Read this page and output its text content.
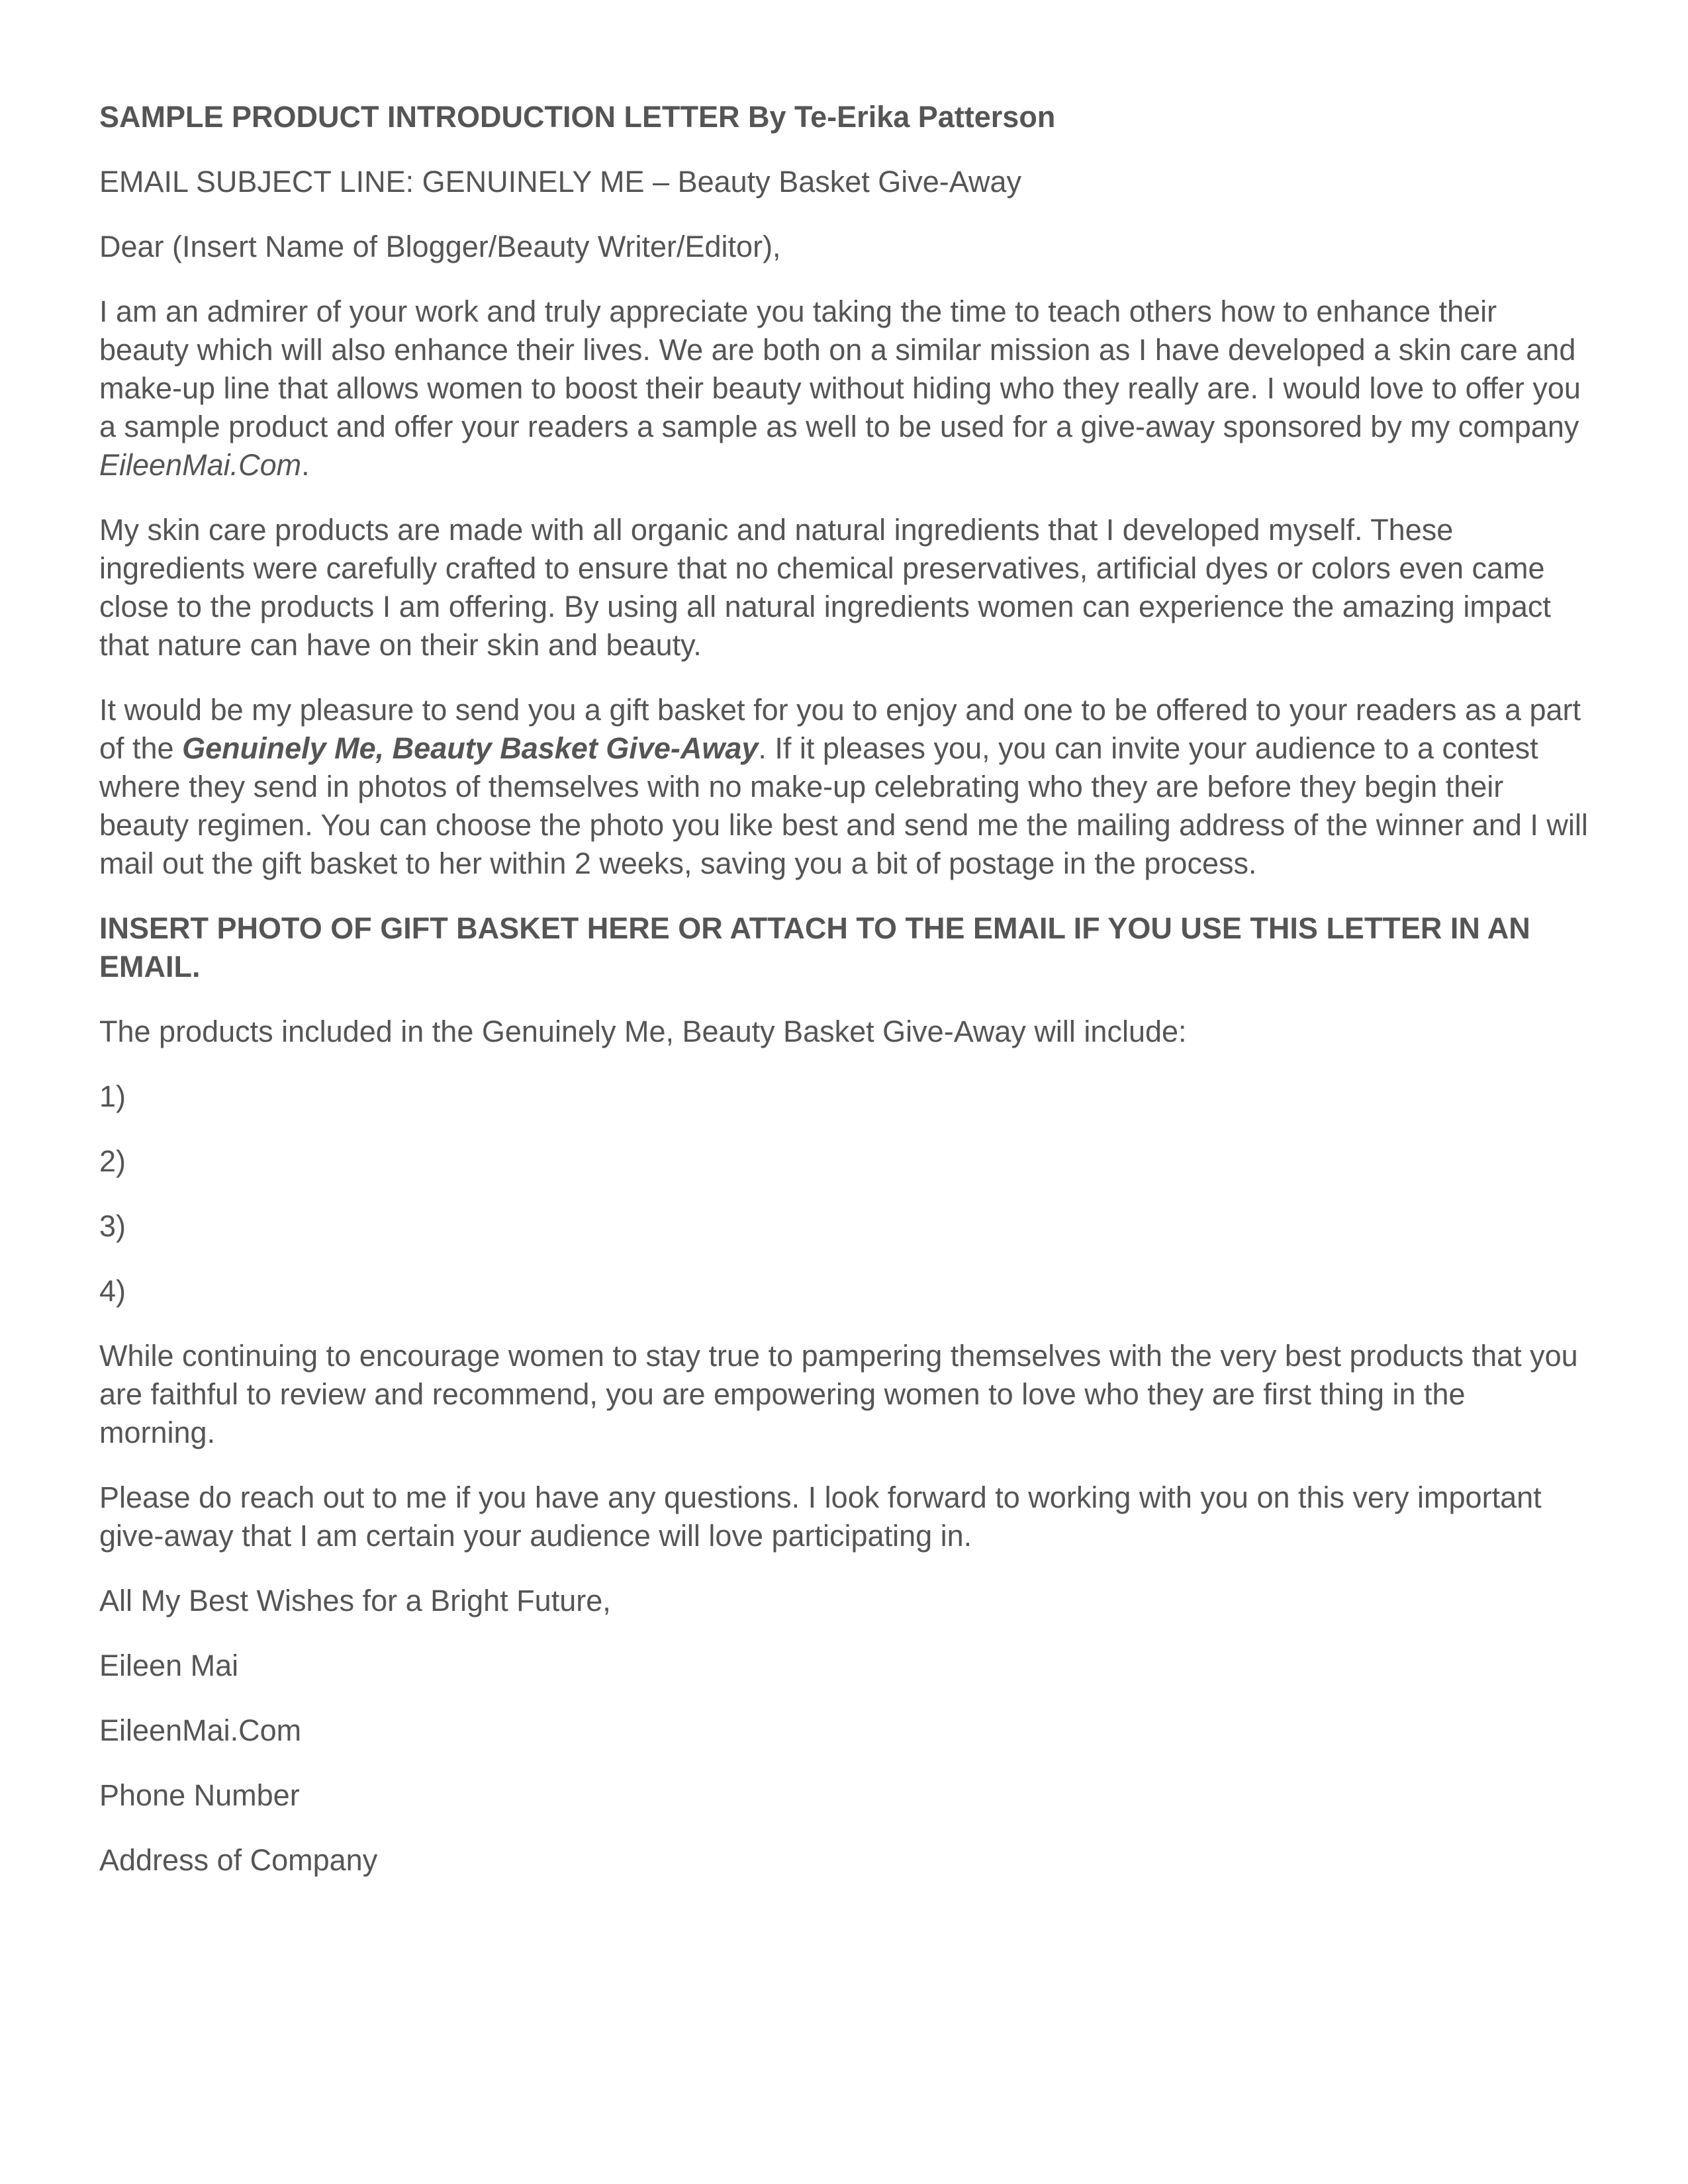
SAMPLE PRODUCT INTRODUCTION LETTER By Te-Erika Patterson

EMAIL SUBJECT LINE: GENUINELY ME – Beauty Basket Give-Away

Dear (Insert Name of Blogger/Beauty Writer/Editor),

I am an admirer of your work and truly appreciate you taking the time to teach others how to enhance their beauty which will also enhance their lives. We are both on a similar mission as I have developed a skin care and make-up line that allows women to boost their beauty without hiding who they really are. I would love to offer you a sample product and offer your readers a sample as well to be used for a give-away sponsored by my company EileenMai.Com.

My skin care products are made with all organic and natural ingredients that I developed myself. These ingredients were carefully crafted to ensure that no chemical preservatives, artificial dyes or colors even came close to the products I am offering. By using all natural ingredients women can experience the amazing impact that nature can have on their skin and beauty.

It would be my pleasure to send you a gift basket for you to enjoy and one to be offered to your readers as a part of the Genuinely Me, Beauty Basket Give-Away. If it pleases you, you can invite your audience to a contest where they send in photos of themselves with no make-up celebrating who they are before they begin their beauty regimen. You can choose the photo you like best and send me the mailing address of the winner and I will mail out the gift basket to her within 2 weeks, saving you a bit of postage in the process.

INSERT PHOTO OF GIFT BASKET HERE OR ATTACH TO THE EMAIL IF YOU USE THIS LETTER IN AN EMAIL.

The products included in the Genuinely Me, Beauty Basket Give-Away will include:

1)

2)

3)

4)

While continuing to encourage women to stay true to pampering themselves with the very best products that you are faithful to review and recommend, you are empowering women to love who they are first thing in the morning.

Please do reach out to me if you have any questions. I look forward to working with you on this very important give-away that I am certain your audience will love participating in.

All My Best Wishes for a Bright Future,

Eileen Mai

EileenMai.Com

Phone Number

Address of Company
